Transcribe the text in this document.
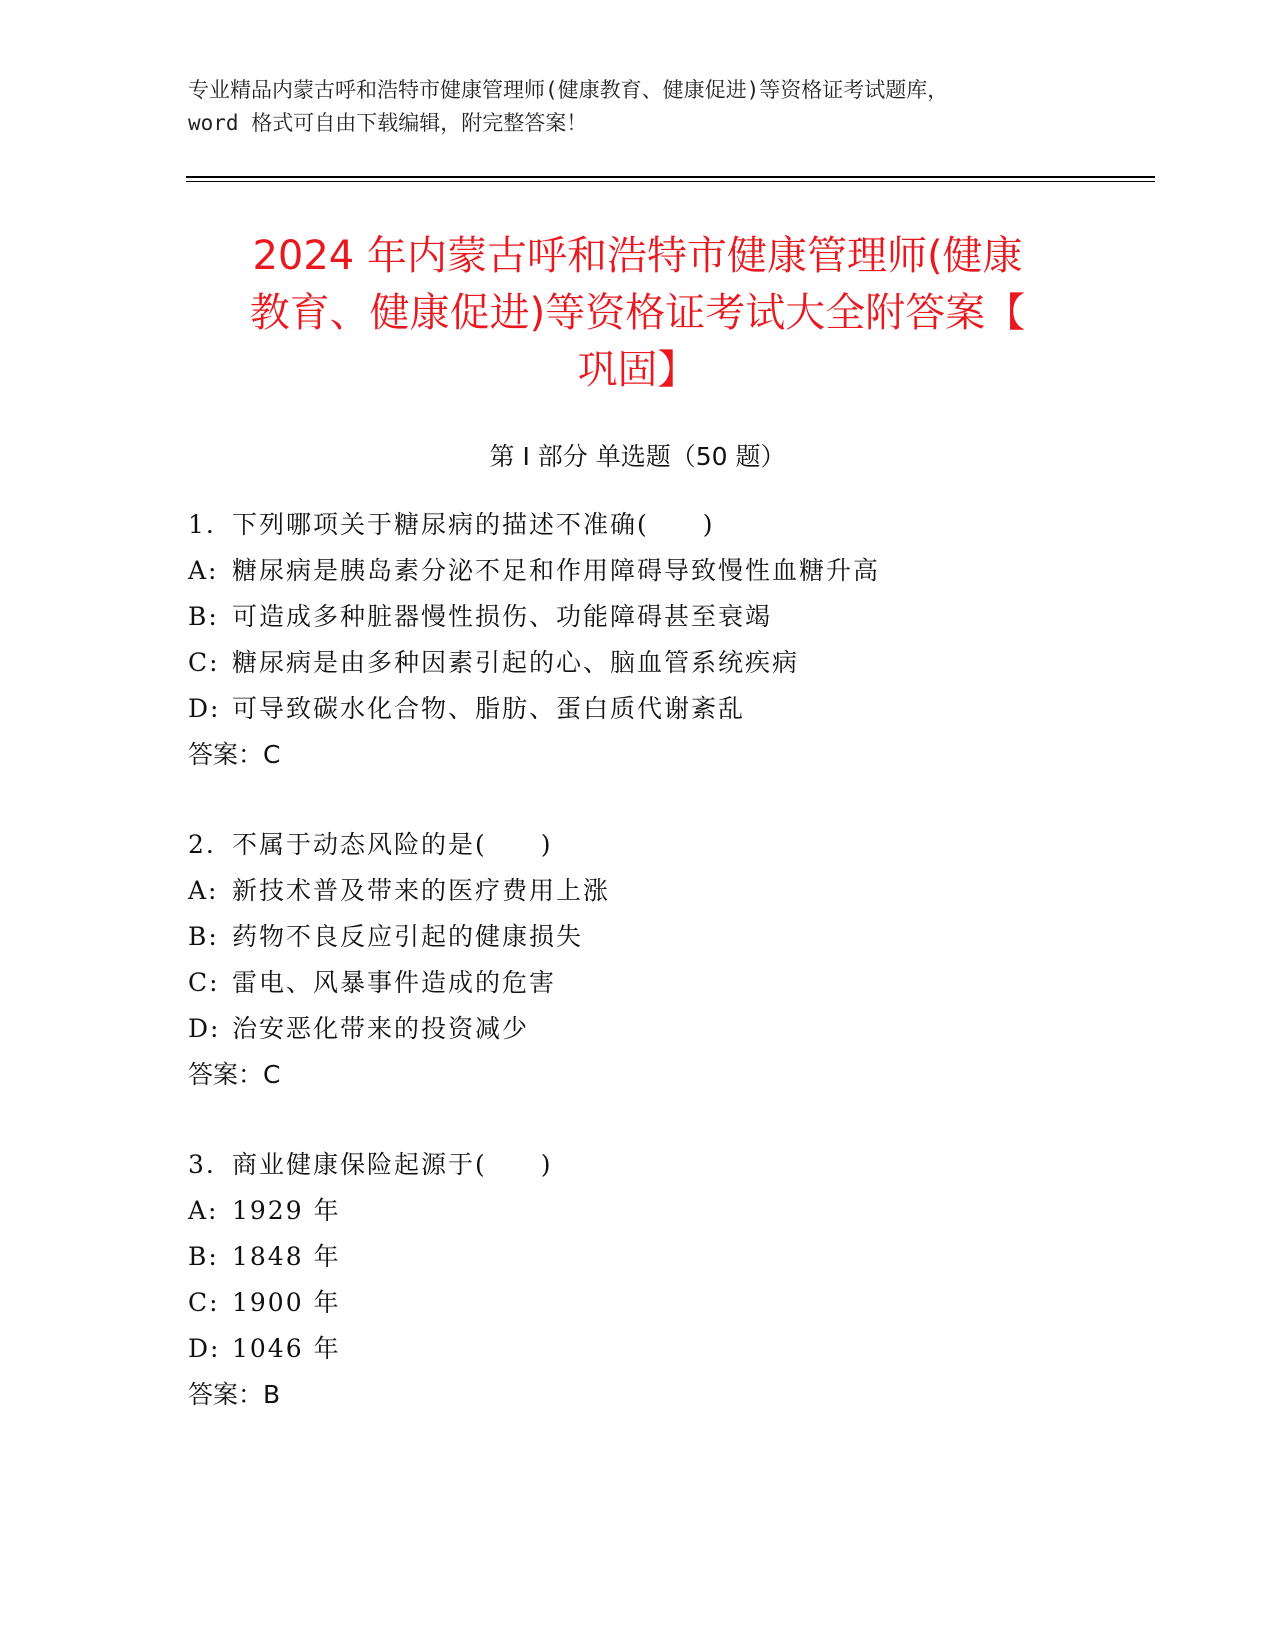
专业精品内蒙古呼和浩特市健康管理师(健康教育、健康促进)等资格证考试题库，
word 格式可自由下载编辑，附完整答案！
2024 年内蒙古呼和浩特市健康管理师(健康
教育、健康促进)等资格证考试大全附答案【
巩固】
第 I 部分 单选题（50 题）
1. 下列哪项关于糖尿病的描述不准确(　　)
A: 糖尿病是胰岛素分泌不足和作用障碍导致慢性血糖升高
B: 可造成多种脏器慢性损伤、功能障碍甚至衰竭
C: 糖尿病是由多种因素引起的心、脑血管系统疾病
D: 可导致碳水化合物、脂肪、蛋白质代谢紊乱
答案：C
2. 不属于动态风险的是(　　)
A: 新技术普及带来的医疗费用上涨
B: 药物不良反应引起的健康损失
C: 雷电、风暴事件造成的危害
D: 治安恶化带来的投资减少
答案：C
3. 商业健康保险起源于(　　)
A: 1929 年
B: 1848 年
C: 1900 年
D: 1046 年
答案：B
